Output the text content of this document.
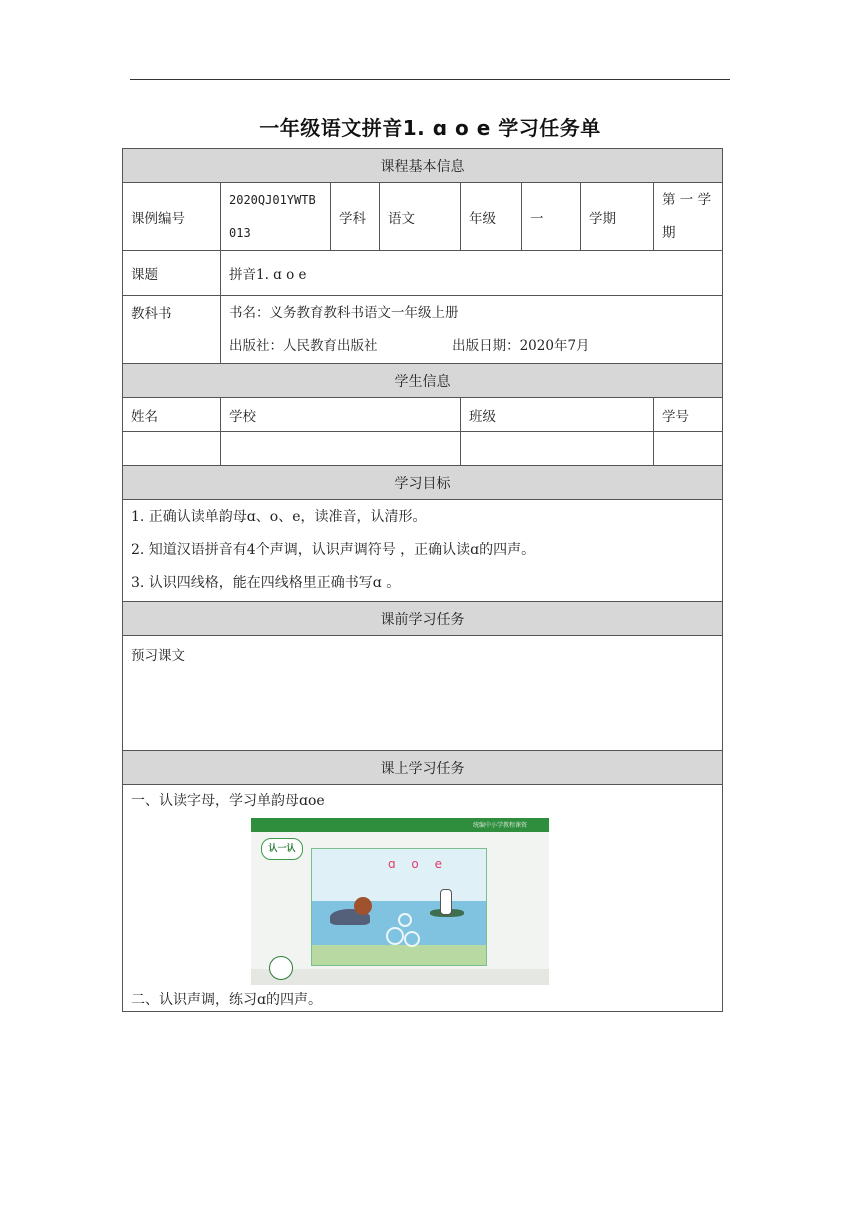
一年级语文拼音1. ɑ o e 学习任务单
课程基本信息							
课例编号	2020QJ01YWTB013	学科	语文	年级	一	学期	第 一 学期
课题	拼音1. ɑ o e						
教科书	书名：义务教育教科书语文一年级上册
出版社：人民教育出版社 出版日期：2020年7月						

学生信息							
姓名	学校			班级			学号

学习目标							

1. 正确认读单韵母ɑ、o、e，读准音，认清形。
2. 知道汉语拼音有4个声调，认识声调符号 ，正确认读ɑ的四声。
3. 认识四线格，能在四线格里正确书写ɑ 。							

课前学习任务							
预习课文							
课上学习任务							

一、认读字母，学习单韵母ɑoe
统编中小学教程课资
认一认
ɑ o e
二、认识声调，练习ɑ的四声。							
